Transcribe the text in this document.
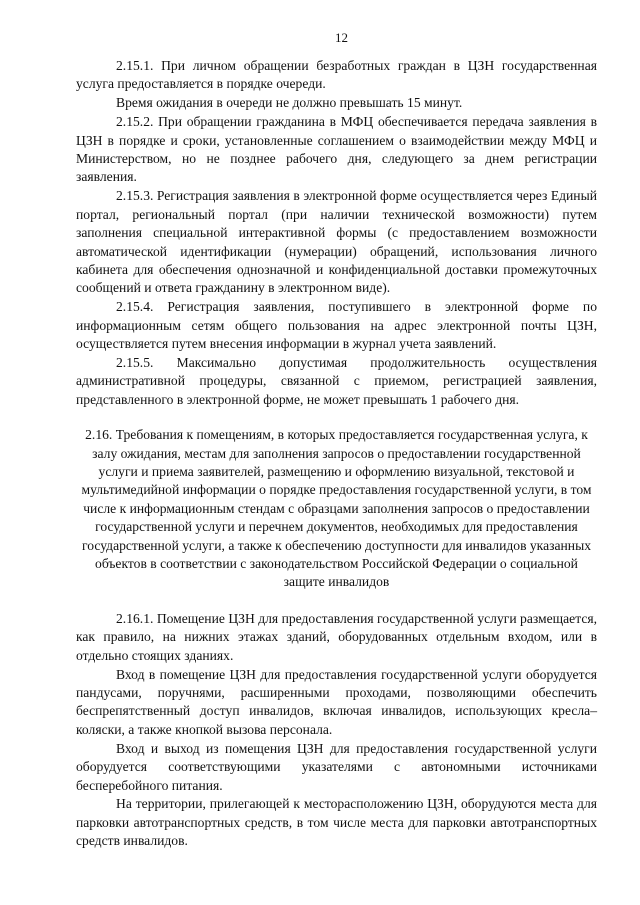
12

2.15.1. При личном обращении безработных граждан в ЦЗН государственная услуга предоставляется в порядке очереди.

Время ожидания в очереди не должно превышать 15 минут.

2.15.2. При обращении гражданина в МФЦ обеспечивается передача заявления в ЦЗН в порядке и сроки, установленные соглашением о взаимодействии между МФЦ и Министерством, но не позднее рабочего дня, следующего за днем регистрации заявления.

2.15.3. Регистрация заявления в электронной форме осуществляется через Единый портал, региональный портал (при наличии технической возможности) путем заполнения специальной интерактивной формы (с предоставлением возможности автоматической идентификации (нумерации) обращений, использования личного кабинета для обеспечения однозначной и конфиденциальной доставки промежуточных сообщений и ответа гражданину в электронном виде).

2.15.4. Регистрация заявления, поступившего в электронной форме по информационным сетям общего пользования на адрес электронной почты ЦЗН, осуществляется путем внесения информации в журнал учета заявлений.

2.15.5. Максимально допустимая продолжительность осуществления административной процедуры, связанной с приемом, регистрацией заявления, представленного в электронной форме, не может превышать 1 рабочего дня.

2.16. Требования к помещениям, в которых предоставляется государственная услуга, к залу ожидания, местам для заполнения запросов о предоставлении государственной услуги и приема заявителей, размещению и оформлению визуальной, текстовой и мультимедийной информации о порядке предоставления государственной услуги, в том числе к информационным стендам с образцами заполнения запросов о предоставлении государственной услуги и перечнем документов, необходимых для предоставления государственной услуги, а также к обеспечению доступности для инвалидов указанных объектов в соответствии с законодательством Российской Федерации о социальной защите инвалидов

2.16.1. Помещение ЦЗН для предоставления государственной услуги размещается, как правило, на нижних этажах зданий, оборудованных отдельным входом, или в отдельно стоящих зданиях.

Вход в помещение ЦЗН для предоставления государственной услуги оборудуется пандусами, поручнями, расширенными проходами, позволяющими обеспечить беспрепятственный доступ инвалидов, включая инвалидов, использующих кресла–коляски, а также кнопкой вызова персонала.

Вход и выход из помещения ЦЗН для предоставления государственной услуги оборудуется соответствующими указателями с автономными источниками бесперебойного питания.

На территории, прилегающей к месторасположению ЦЗН, оборудуются места для парковки автотранспортных средств, в том числе места для парковки автотранспортных средств инвалидов.
